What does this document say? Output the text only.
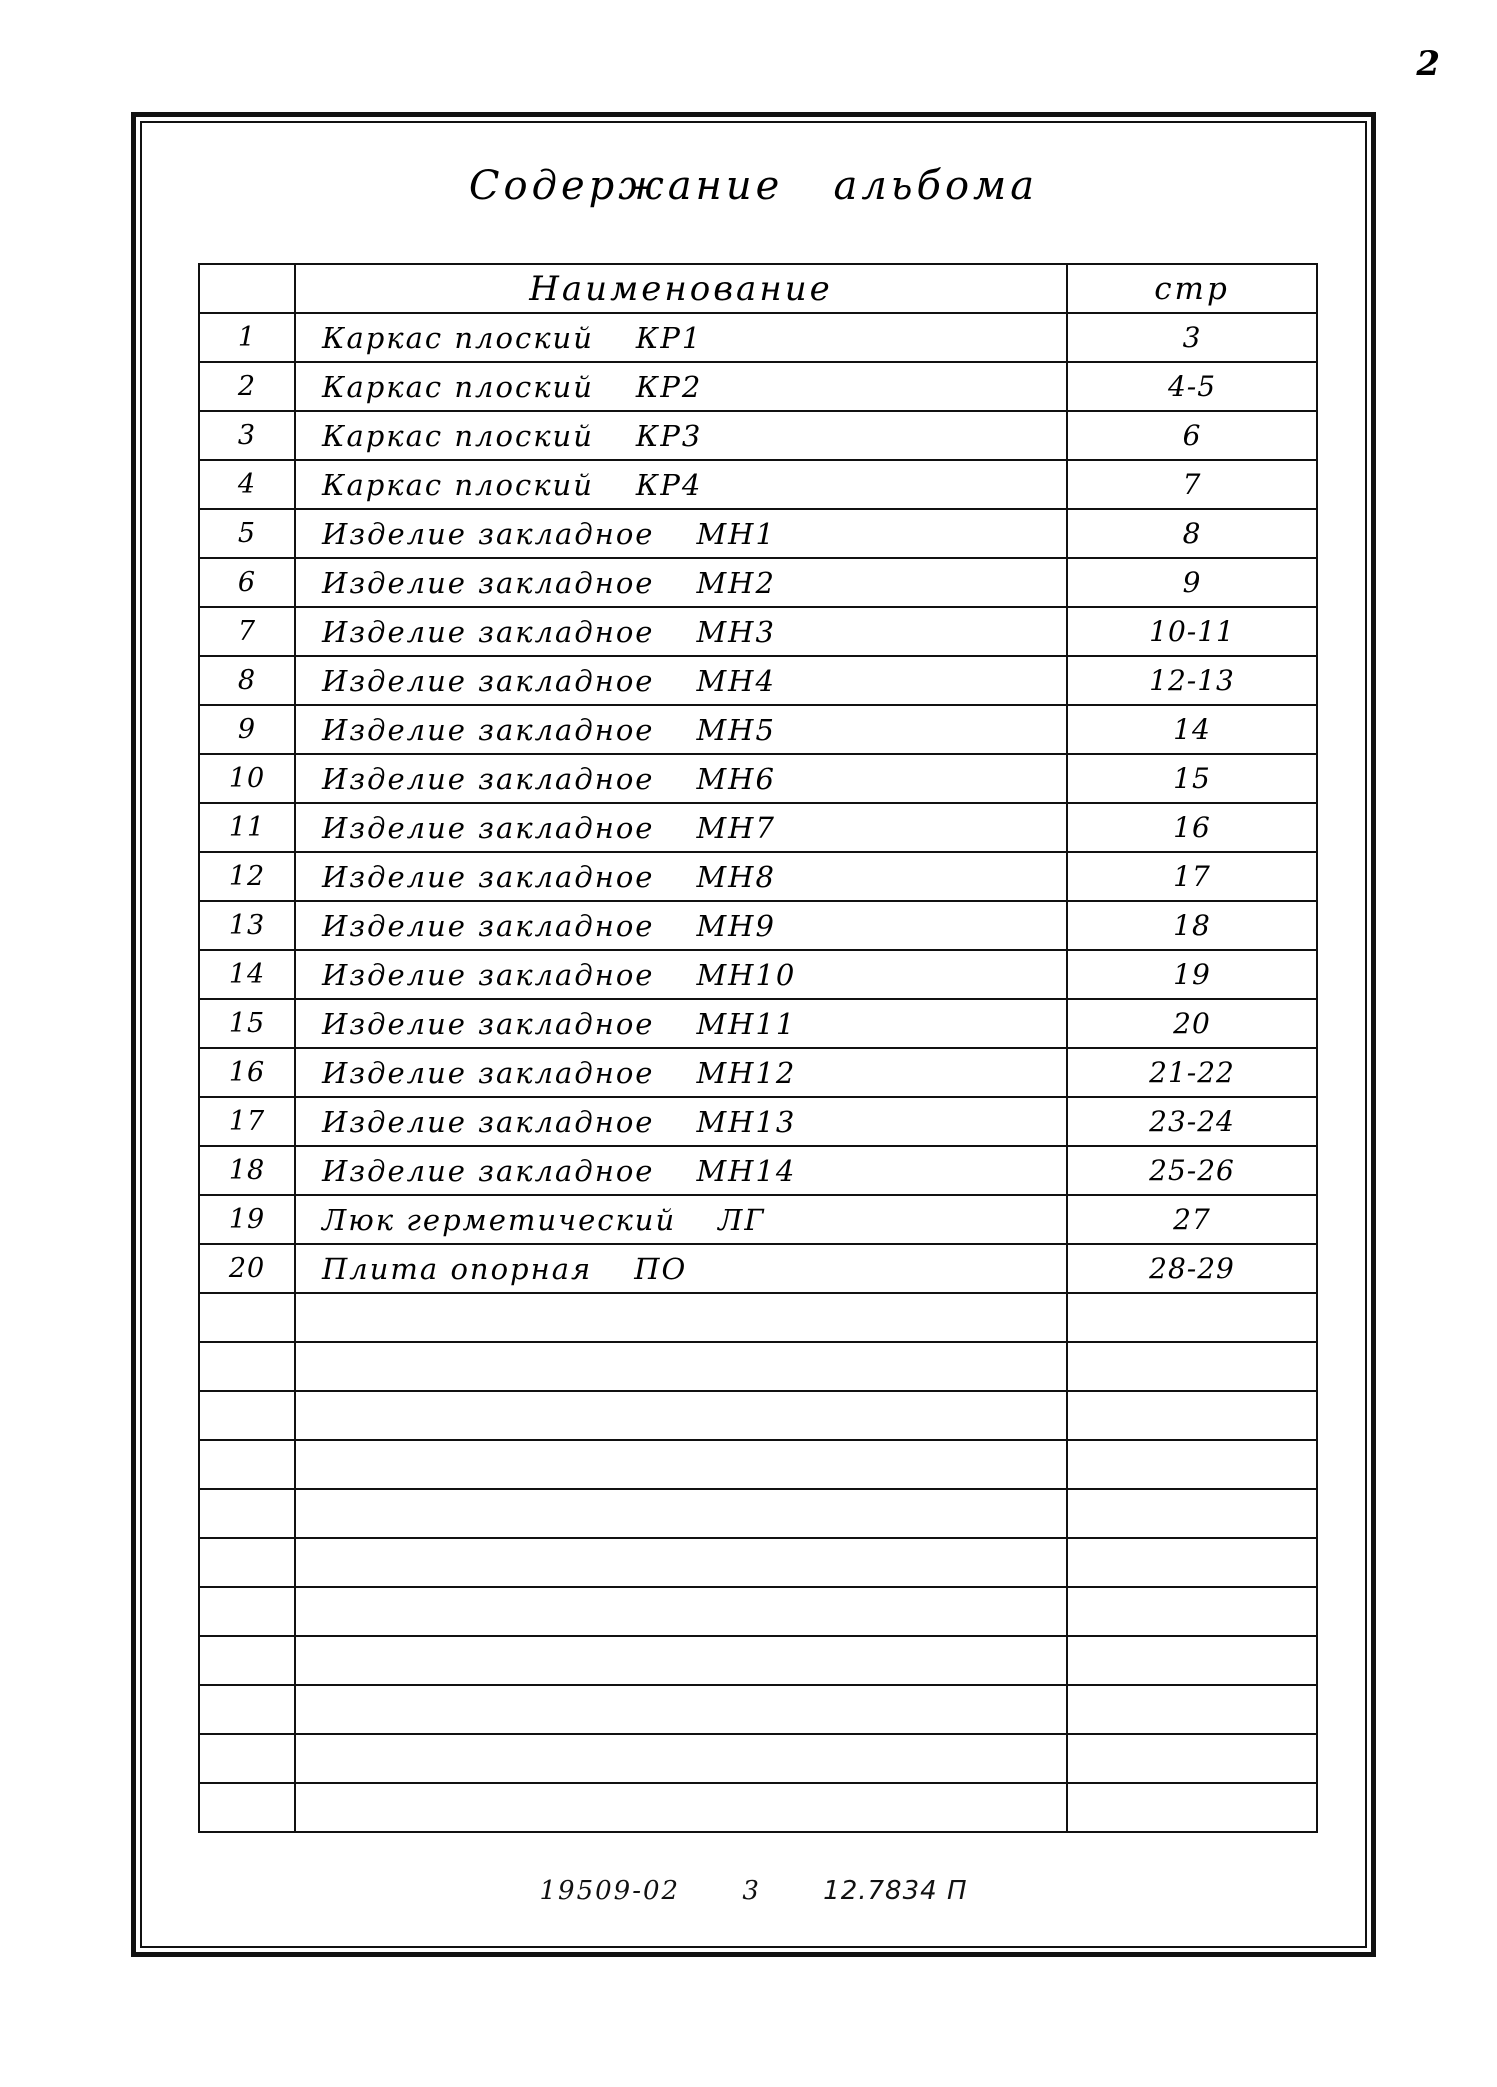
2
Содержание   альбома
	Наименование	стр
1	Каркас плоский КР1	3
2	Каркас плоский КР2	4-5
3	Каркас плоский КР3	6
4	Каркас плоский КР4	7
5	Изделие закладное МН1	8
6	Изделие закладное МН2	9
7	Изделие закладное МН3	10-11
8	Изделие закладное МН4	12-13
9	Изделие закладное МН5	14
10	Изделие закладное МН6	15
11	Изделие закладное МН7	16
12	Изделие закладное МН8	17
13	Изделие закладное МН9	18
14	Изделие закладное МН10	19
15	Изделие закладное МН11	20
16	Изделие закладное МН12	21-22
17	Изделие закладное МН13	23-24
18	Изделие закладное МН14	25-26
19	Люк герметический ЛГ	27
20	Плита опорная ПО	28-29

19509-02 3 12.7834 П
